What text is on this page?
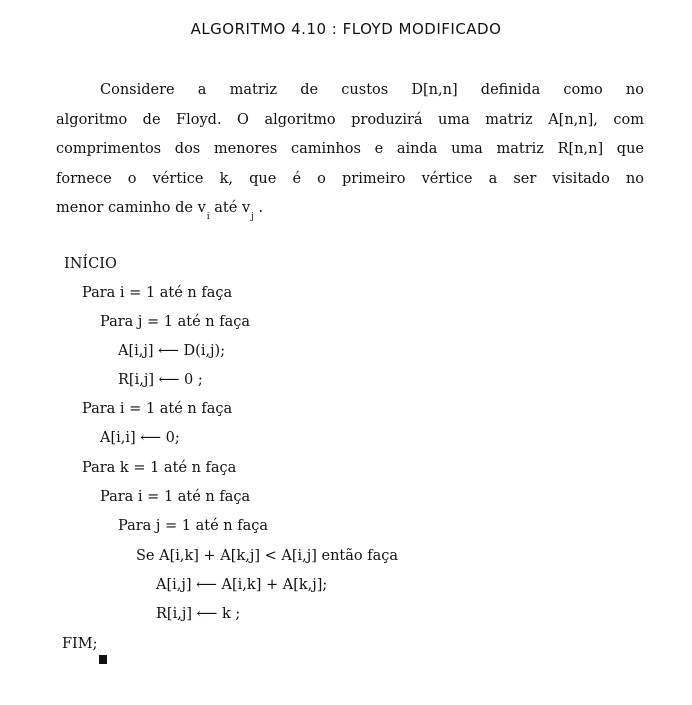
ALGORITMO 4.10 : FLOYD MODIFICADO
Considere a matriz de custos D[n,n] definida como no
algoritmo de Floyd. O algoritmo produzirá uma matriz A[n,n], com
comprimentos dos menores caminhos e ainda uma matriz R[n,n] que
fornece o vértice k, que é o primeiro vértice a ser visitado no
menor caminho de $v_i$ até $v_j$ .
INÍCIO
Para i = 1 até n faça
Para j = 1 até n faça
A[i,j] ⟵ D(i,j);
R[i,j] ⟵ 0 ;
Para i = 1 até n faça
A[i,i] ⟵ 0;
Para k = 1 até n faça
Para i = 1 até n faça
Para j = 1 até n faça
Se A[i,k] + A[k,j] < A[i,j] então faça
A[i,j] ⟵ A[i,k] + A[k,j];
R[i,j] ⟵ k ;
FIM;
